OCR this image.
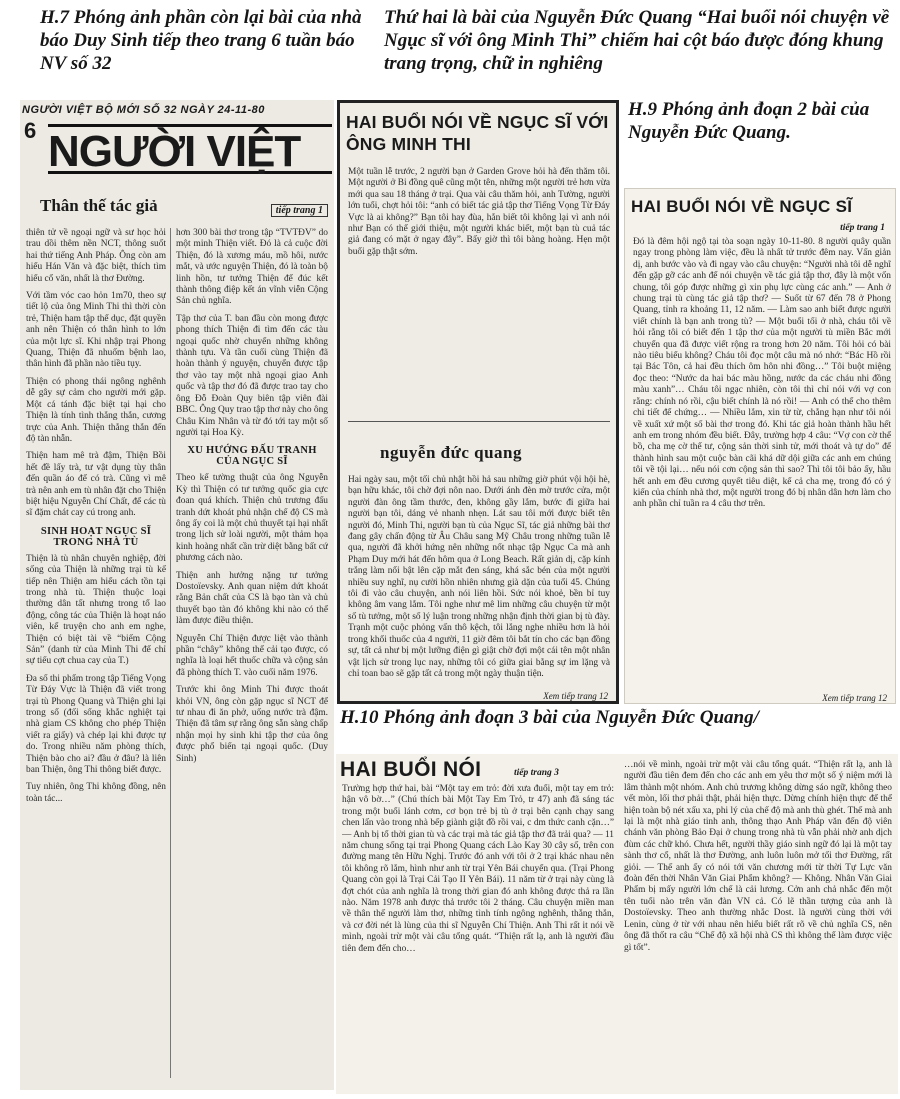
H.7 Phóng ảnh phần còn lại bài của nhà báo Duy Sinh tiếp theo trang 6 tuần báo NV số 32
Thứ hai là bài của Nguyễn Đức Quang “Hai buổi nói chuyện về Ngục sĩ với ông Minh Thi” chiếm hai cột báo được đóng khung trang trọng, chữ in nghiêng
H.9 Phóng ảnh đoạn 2 bài của Nguyễn Đức Quang.
H.10 Phóng ảnh đoạn 3 bài của Nguyễn Đức Quang/
NGƯỜI VIỆT BỘ MỚI SỐ 32 NGÀY 24-11-80
6 NGƯỜI VIỆT
Thân thế tác giả	tiếp trang 1

thiên tử về ngoại ngữ và sư học hỏi trau dồi thêm nền NCT, thông suốt hai thứ tiếng Anh Pháp. Ông còn am hiểu Hán Văn và đặc biệt, thích tìm hiểu cổ văn, nhất là thơ Đường.

Với tầm vóc cao hỏn 1m70, theo sự tiết lộ của ông Minh Thi thì thời còn trẻ, Thiện ham tập thể dục, đặt quyền anh nên Thiện có thân hình to lớn của một lực sĩ. Khi nhập trại Phong Quang, Thiện đã nhuốm bệnh lao, thân hình đã phần nào tiều tụy.

Thiện có phong thái ngông nghênh dễ gây sự cảm cho người mới gặp. Một cá tánh đặc biệt tại hại cho Thiện là tính tình thẳng thắn, cương trực của Anh. Thiện thẳng thắn đến độ tàn nhẫn.

Thiện ham mê trà đậm, Thiện Bồi hết đề lấy trà, tư vật dụng tùy thân đến quần áo để có trà. Cũng vì mê trà nên anh em tù nhân đặt cho Thiện biệt hiệu Nguyễn Chí Chất, để các tù sĩ đặm chát cay cú trong anh.

SINH HOẠT NGỤC SĨ TRONG NHÀ TÙ

Thiện là tù nhân chuyên nghiệp, đời sống của Thiện là những trại tù kế tiếp nên Thiện am hiểu cách tồn tại trong nhà tù. Thiện thuộc loại thường dân tất nhưng trong tổ lao động, công tác của Thiện là hoạt náo viên, kể truyện cho anh em nghe, Thiện có biệt tài về “biếm Cộng Sản” (danh từ của Minh Thi để chỉ sự tiếu cợt chua cay của T.)

Đa số thi phẩm trong tập Tiếng Vọng Từ Đáy Vực là Thiện đã viết trong trại tù Phong Quang và Thiện ghi lại trong sổ (đối sống khắc nghiệt tại nhà giam CS không cho phép Thiện viết ra giấy) và chép lại khi được tự do. Trong nhiều năm phòng thích, Thiện bào cho ai? đầu ở đâu? là liên ban Thiện, ông Thi thông biết được.

Tuy nhiên, ông Thi không đồng, nên toàn tác...

hơn 300 bài thơ trong tập “TVTĐV” do một minh Thiện viết. Đó là cả cuộc đời Thiện, đó là xương máu, mồ hôi, nước mắt, và ước nguyện Thiện, đó là toàn bộ linh hồn, tư tưởng Thiện để đúc kết thành thông điệp kết án vĩnh viễn Cộng Sản chủ nghĩa.

Tập thơ của T. ban đầu còn mong được phong thích Thiện đi tìm đến các tàu ngoại quốc nhờ chuyển những không thành tựu. Và tần cuối cùng Thiện đã hoàn thành ý nguyện, chuyển được tập thơ vào tay một nhà ngoại giao Anh quốc và tập thơ đó đã được trao tay cho ông Đỗ Đoàn Quy biên tập viên đài BBC. Ông Quy trao tập thơ này cho ông Châu Kim Nhân và từ đó tới tay một số người tại Hoa Kỳ.

XU HƯỚNG ĐẤU TRANH CỦA NGỤC SĨ

Theo kể tường thuật của ông Nguyễn Kỳ thì Thiện có tư tưởng quốc gia cực đoan quá khích. Thiện chủ trương đấu tranh dứt khoát phủ nhận chế độ CS mà ông ấy coi là một chủ thuyết tại hại nhất trong lịch sử loài người, một thảm họa kinh hoàng nhất cần trừ diệt bằng bất cứ phương cách nào.

Thiện anh hưởng nặng tư tưởng Dostoïevsky. Anh quan niệm dứt khoát rằng Bản chất của CS là bạo tàn và chủ thuyết bạo tàn đó không khi nào có thể làm được điều thiện.

Nguyễn Chí Thiện được liệt vào thành phần “chây” không thể cải tạo được, có nghĩa là loại hết thuốc chữa và cộng sản đã phòng thích T. vào cuối năm 1976.

Trước khi ông Minh Thi được thoát khỏi VN, ông còn gặp ngục sĩ NCT để tư nhau đi ăn phở, uống nước trà đậm. Thiện đã tâm sự rằng ông sẵn sàng chấp nhận mọi hy sinh khi tập thơ của ông được phổ biến tại ngoại quốc. (Duy Sinh)

HAI BUỔI NÓI VỀ NGỤC SĨ VỚI ÔNG MINH THI

Một tuần lễ trước, 2 người bạn ở Garden Grove hỏi hà đến thăm tôi. Một người ở Bi đồng quê cũng một tên, những một người trẻ hơn vừa mới qua sau 18 tháng ở trại. Qua vài câu thăm hỏi, anh Tường, người lớn tuổi, chợt hỏi tôi: “anh có biết tác giả tập thơ Tiếng Vọng Từ Đáy Vực là ai không?” Bạn tôi hay đùa, hắn biết tôi không lại vì anh nói như Bạn có thể giới thiệu, một người khác biết, một bạn tù cuả tác giả đang có mặt ở ngay đây”. Bấy giờ thì tôi bàng hoàng. Hẹn một buổi gặp thật sớm.

nguyễn đức quang

Hai ngày sau, một tối chủ nhật hồi hả sau những giờ phút vội hội hè, bạn hữu khác, tôi chờ đợi nôn nao. Dưới ánh đèn mờ trước cửa, một người đàn ông tầm thước, đen, không gầy lắm, bước đi giữa hai người bạn tôi, dáng vẻ nhanh nhẹn. Lát sau tôi mới được biết tên người đó, Minh Thi, người bạn tù của Ngục Sĩ, tác giả những bài thơ đang gây chấn động từ Âu Châu sang Mỹ Châu trong những tuần lễ qua, người đã khởi hứng nên những nốt nhạc tập Ngục Ca mà anh Phạm Duy mới hát đến hôm qua ở Long Beach. Rất giản dị, cặp kính trắng làm nổi bật lên cặp mắt đen sáng, khá sắc bén của một người nhiều suy nghĩ, nụ cười hồn nhiên nhưng già dặn của tuổi 45. Chúng tôi đi vào câu chuyện, anh nói liên hồi. Sức nói khoẻ, bền bỉ tuy không âm vang lắm. Tôi nghe như mê lim những câu chuyện từ một số tù tưởng, một số lý luận trong những nhận định thời gian bị tù đày. Trạnh một cuộc phỏng vấn thô kệch, tôi lắng nghe nhiều hơn là hỏi trong khổi thuốc của 4 người, 11 giờ đêm tôi bắt tín cho các bạn đồng sự, tất cả như bị một lưỡng điện gì giật chờ đợi một cái tên một nhân vật lịch sử trong lục nay, những tôi có giữa giai bằng sự im lặng và chỉ toan bao sẽ gặp tất cả trong một ngày thuận tiện.

Xem tiếp trang 12
HAI BUỔI NÓI VỀ NGỤC SĨ
tiếp trang 1

Đó là đêm hội ngộ tại tòa soạn ngày 10-11-80. 8 người quây quần ngay trong phòng làm việc, đều là nhất tử trước đêm nay. Vấn giản dị, anh bước vào và đi ngay vào câu chuyện: “Người nhà tôi dễ nghĩ đến gặp gỡ các anh để nói chuyện về tác giả tập thơ, đây là một vốn chung, tôi góp được những gì xin phụ lực cùng các anh.” — Anh ở chung trại tù cùng tác giả tập thơ? — Suốt từ 67 đến 78 ở Phong Quang, tỉnh ra khoảng 11, 12 năm. — Làm sao anh biết được người viết chính là bạn anh trong tù? — Một buổi tối ở nhà, cháu tôi về hỏi rằng tôi có biết đến 1 tập thơ của một người tù miền Bắc mới chuyển qua đã được viết rộng ra trong hơn 20 năm. Tôi hỏi có bài nào tiêu biểu không? Cháu tôi đọc một câu mà nó nhớ: “Bác Hồ rồi tại Bác Tôn, cả hai đều thích ôm hôn nhi đồng…” Tôi buột miệng đọc theo: “Nước da hai bác màu hồng, nước da các cháu nhi đồng màu xanh”… Cháu tôi ngạc nhiên, còn tôi thì chỉ nói với vợ con rằng: chính nó rồi, cậu biết chính là nó rồi! — Anh có thể cho thêm chi tiết để chứng… — Nhiều lắm, xin từ từ, chẳng hạn như tôi nói về xuất xứ một số bài thơ trong đó. Khi tác giả hoàn thành hầu hết anh em trong nhóm đều biết. Đây, trường hợp 4 câu: “Vợ con cờ thể bồ, cha mẹ cờ thể tư, cộng sản thời sinh tử, mới thoát và tự do” để thành hình sau một cuộc bàn cãi khá dữ dội giữa các anh em chúng tôi về tội lại… nếu nói cơn cộng sản thì sao? Thì tôi tôi bảo ấy, hầu hết anh em đều cương quyết tiêu diệt, kể cả cha mẹ, trong đó có ý kiến của chính nhà thơ, một người trong đó bị nhân dân hơn làm cho anh phần chỉ tuần ra 4 câu thơ trên.

Xem tiếp trang 12
HAI BUỔI NÓI	tiếp trang 3

Trường hợp thứ hai, bài “Một tay em trỏ: đời xưa đuổi, một tay em trỏ: hận vô bờ…” (Chú thích bài Một Tay Em Trỏ, tr 47) anh đã sáng tác trong một buổi lánh cơm, cơ bọn trẻ bị tù ở trại bên cạnh chạy sang chen lấn vào trong nhà bếp giành giật đồ rồi vai, c dm thức canh cặn…” — Anh bị tổ thời gian tù và các trại mà tác giả tập thơ đã trải qua? — 11 năm chung sống tại trại Phong Quang cách Lào Kay 30 cây số, trên con đường mang tên Hữu Nghị. Trước đó anh với tôi ở 2 trại khác nhau nên tôi không rõ lắm, hình như anh từ trại Yên Bái chuyển qua. (Trại Phong Quang còn gọi là Trại Cải Tạo II Yên Bái). 11 năm từ ở trại này cùng là đợt chót của anh nghĩa là trong thời gian đó anh không được thả ra lần nào. Năm 1978 anh được thả trước tôi 2 tháng. Câu chuyện miền man về thân thế người làm thơ, những tình tính ngông nghênh, thẳng thắn, và cơ đời nét là lùng của thi sĩ Nguyễn Chí Thiện. Anh Thi rất it nói về mình, ngoài trừ một vài câu tổng quát. “Thiện rất lạ, anh là người đầu tiên đem đến cho…

…nói về mình, ngoài trừ một vài câu tổng quát. “Thiện rất lạ, anh là người đầu tiên đem đến cho các anh em yêu thơ một số ý niệm mới là lâm thành một nhóm. Anh chủ trương không dừng sáo ngữ, không theo vết mòn, lối thơ phải thật, phải hiện thực. Dừng chính hiện thực để thể hiện toàn bộ nét xấu xa, phi lý của chế độ mà anh thù ghét. Thế mà anh lại là một nhà giáo tinh anh, thông thạo Anh Pháp văn đến độ viên chánh văn phòng Bảo Đại ở chung trong nhà tù vẫn phải nhờ anh dịch đùm các chữ khó. Chưa hết, người thầy giáo sinh ngữ đó lại là một tay sành thơ cổ, nhất là thơ Đường, anh luôn luôn mở tối thơ Đường, rất giỏi. — Thế anh ấy có nói tới văn chương mới từ thời Tự Lực văn đoàn đến thời Nhân Văn Giai Phẩm không? — Không. Nhân Văn Giai Phẩm bị mấy người lớn chế là cải lương. Cởn anh chả nhắc đến một tên tuổi nào trên văn đàn VN cả. Có lẽ thần tượng của anh là Dostoïevsky. Theo anh thường nhắc Dost. là người cùng thời với Lenin, cùng ở từ với nhau nên hiểu biết rất rõ về chủ nghĩa CS, nên ông đã thốt ra câu “Chế độ xã hội nhà CS thì không thể làm được việc gì tốt”.
